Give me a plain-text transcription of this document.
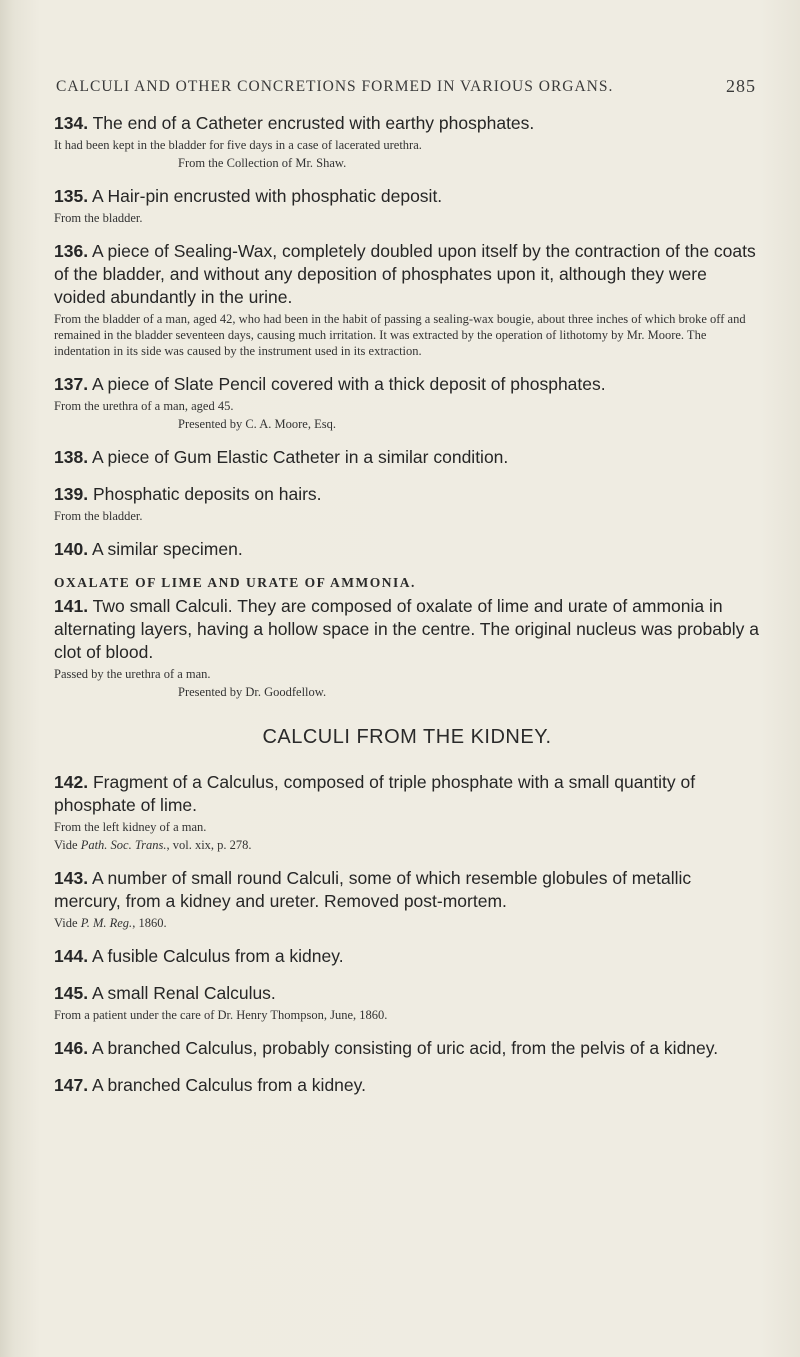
CALCULI AND OTHER CONCRETIONS FORMED IN VARIOUS ORGANS.	285
134. The end of a Catheter encrusted with earthy phosphates.
It had been kept in the bladder for five days in a case of lacerated urethra.
From the Collection of Mr. Shaw.
135. A Hair-pin encrusted with phosphatic deposit.
From the bladder.
136. A piece of Sealing-Wax, completely doubled upon itself by the contraction of the coats of the bladder, and without any deposition of phosphates upon it, although they were voided abundantly in the urine.
From the bladder of a man, aged 42, who had been in the habit of passing a sealing-wax bougie, about three inches of which broke off and remained in the bladder seventeen days, causing much irritation. It was extracted by the operation of lithotomy by Mr. Moore. The indentation in its side was caused by the instrument used in its extraction.
137. A piece of Slate Pencil covered with a thick deposit of phosphates.
From the urethra of a man, aged 45.
Presented by C. A. Moore, Esq.
138. A piece of Gum Elastic Catheter in a similar condition.
139. Phosphatic deposits on hairs.
From the bladder.
140. A similar specimen.
OXALATE OF LIME AND URATE OF AMMONIA.
141. Two small Calculi. They are composed of oxalate of lime and urate of ammonia in alternating layers, having a hollow space in the centre. The original nucleus was probably a clot of blood.
Passed by the urethra of a man.
Presented by Dr. Goodfellow.
CALCULI FROM THE KIDNEY.
142. Fragment of a Calculus, composed of triple phosphate with a small quantity of phosphate of lime.
From the left kidney of a man.
Vide Path. Soc. Trans., vol. xix, p. 278.
143. A number of small round Calculi, some of which resemble globules of metallic mercury, from a kidney and ureter. Removed post-mortem.
Vide P. M. Reg., 1860.
144. A fusible Calculus from a kidney.
145. A small Renal Calculus.
From a patient under the care of Dr. Henry Thompson, June, 1860.
146. A branched Calculus, probably consisting of uric acid, from the pelvis of a kidney.
147. A branched Calculus from a kidney.
